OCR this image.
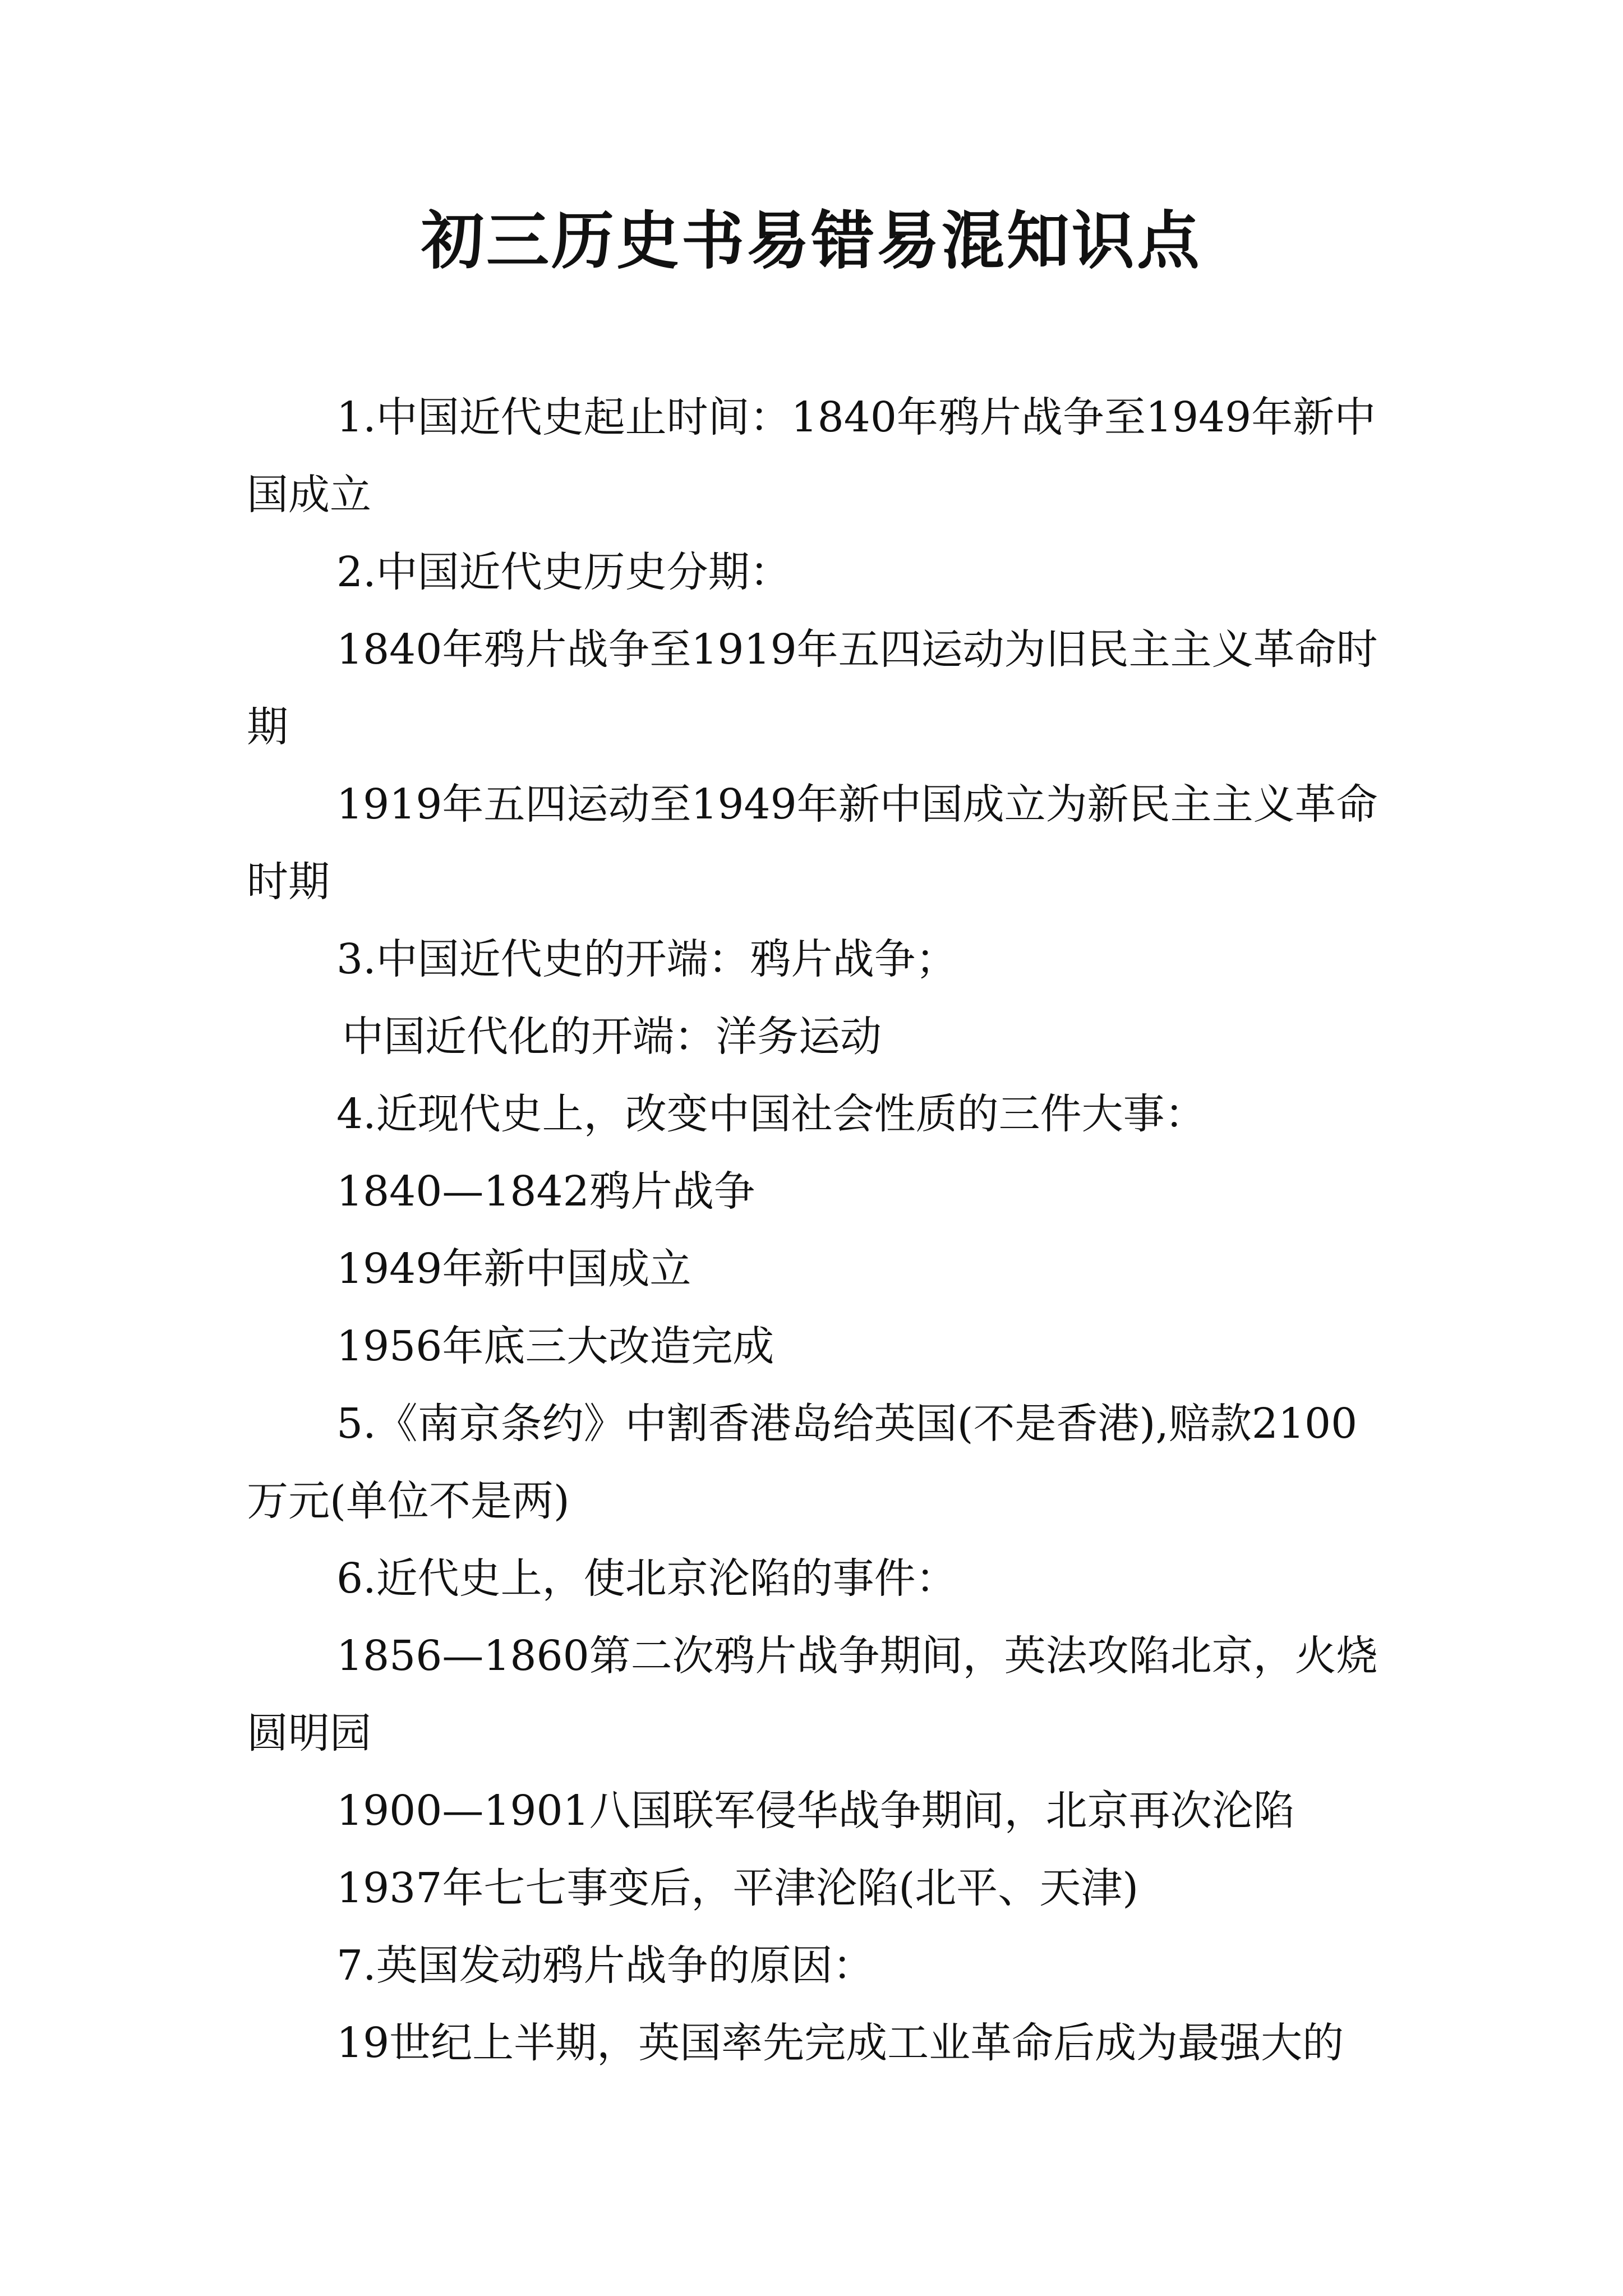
初三历史书易错易混知识点

1.中国近代史起止时间：1840年鸦片战争至1949年新中国成立

2.中国近代史历史分期：

1840年鸦片战争至1919年五四运动为旧民主主义革命时期

1919年五四运动至1949年新中国成立为新民主主义革命时期

3.中国近代史的开端：鸦片战争；

中国近代化的开端：洋务运动

4.近现代史上，改变中国社会性质的三件大事：

1840—1842鸦片战争

1949年新中国成立

1956年底三大改造完成

5.《南京条约》中割香港岛给英国(不是香港),赔款2100万元(单位不是两)

6.近代史上，使北京沦陷的事件：

1856—1860第二次鸦片战争期间，英法攻陷北京，火烧圆明园

1900—1901八国联军侵华战争期间，北京再次沦陷

1937年七七事变后，平津沦陷(北平、天津)

7.英国发动鸦片战争的原因：

19世纪上半期，英国率先完成工业革命后成为最强大的
